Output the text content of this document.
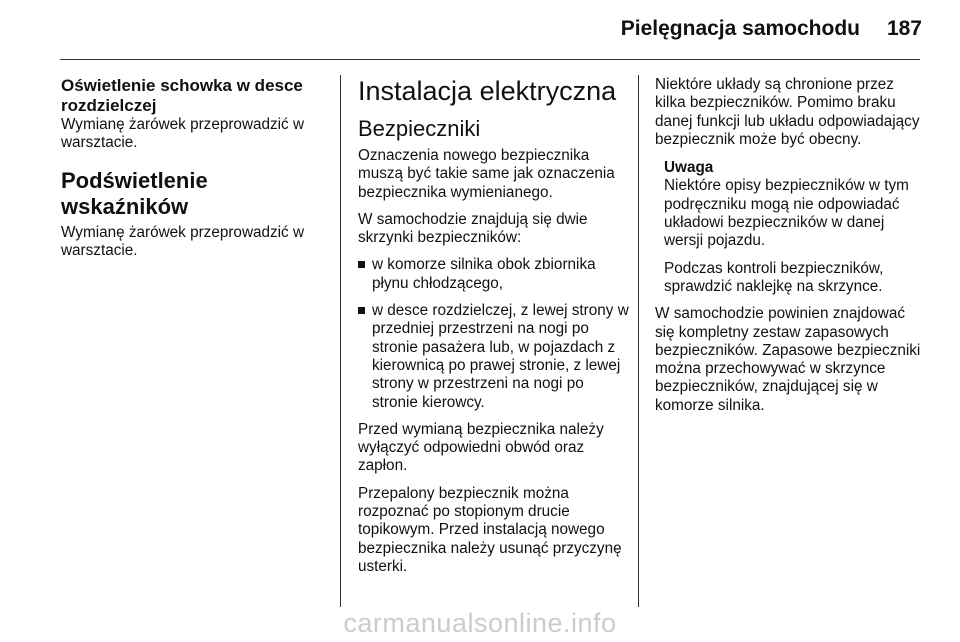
Pielęgnacja samochodu 187
Oświetlenie schowka w desce rozdzielczej

Wymianę żarówek przeprowadzić w warsztacie.

Podświetlenie wskaźników

Wymianę żarówek przeprowadzić w warsztacie.

Instalacja elektryczna
Bezpieczniki

Oznaczenia nowego bezpiecznika muszą być takie same jak oznaczenia bezpiecznika wymienianego.

W samochodzie znajdują się dwie skrzynki bezpieczników:

w komorze silnika obok zbiornika płynu chłodzącego,
w desce rozdzielczej, z lewej strony w przedniej przestrzeni na nogi po stronie pasażera lub, w pojazdach z kierownicą po prawej stronie, z lewej strony w przestrzeni na nogi po stronie kierowcy.

Przed wymianą bezpiecznika należy wyłączyć odpowiedni obwód oraz zapłon.

Przepalony bezpiecznik można rozpoznać po stopionym drucie topikowym. Przed instalacją nowego bezpiecznika należy usunąć przyczynę usterki.

Niektóre układy są chronione przez kilka bezpieczników. Pomimo braku danej funkcji lub układu odpowiadający bezpiecznik może być obecny.

Uwaga

Niektóre opisy bezpieczników w tym podręczniku mogą nie odpowiadać układowi bezpieczników w danej wersji pojazdu.

Podczas kontroli bezpieczników, sprawdzić naklejkę na skrzynce.

W samochodzie powinien znajdować się kompletny zestaw zapasowych bezpieczników. Zapasowe bezpieczniki można przechowywać w skrzynce bezpieczników, znajdującej się w komorze silnika.

carmanualsonline.info
